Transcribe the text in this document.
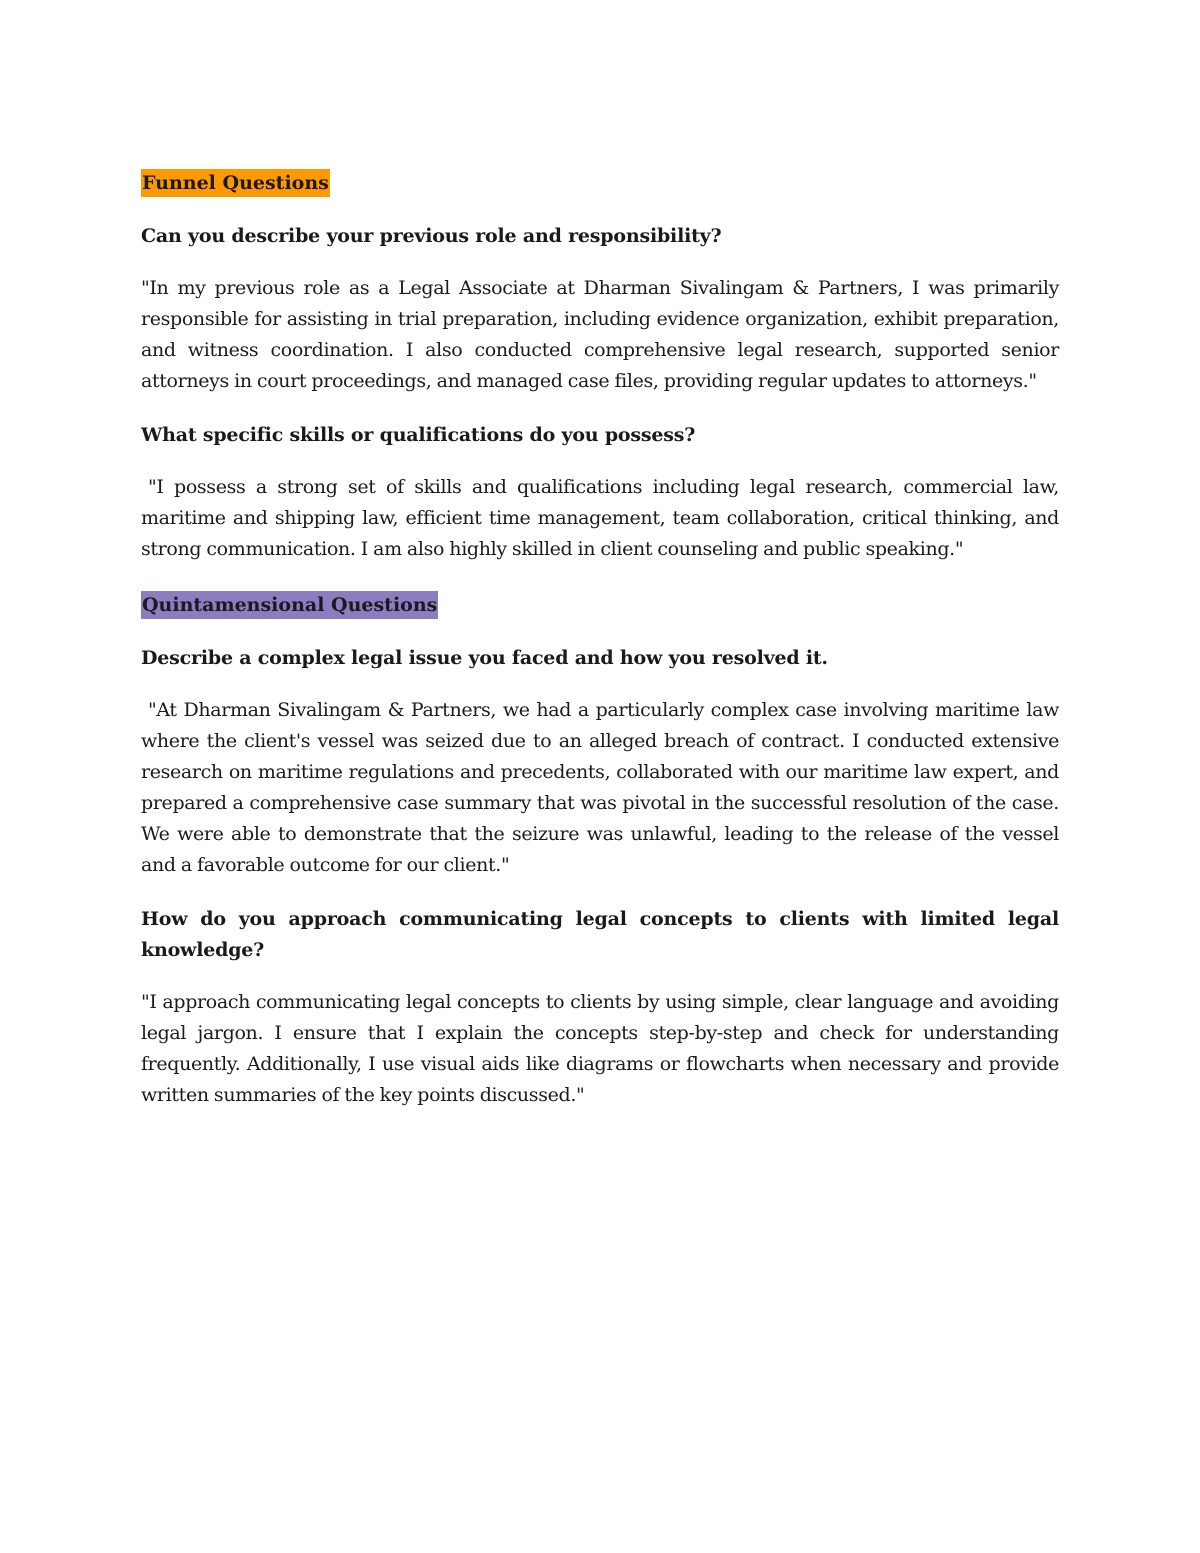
Funnel Questions

Can you describe your previous role and responsibility?

"In my previous role as a Legal Associate at Dharman Sivalingam & Partners, I was primarily responsible for assisting in trial preparation, including evidence organization, exhibit preparation, and witness coordination. I also conducted comprehensive legal research, supported senior attorneys in court proceedings, and managed case files, providing regular updates to attorneys."

What specific skills or qualifications do you possess?

"I possess a strong set of skills and qualifications including legal research, commercial law, maritime and shipping law, efficient time management, team collaboration, critical thinking, and strong communication. I am also highly skilled in client counseling and public speaking."

Quintamensional Questions

Describe a complex legal issue you faced and how you resolved it.

"At Dharman Sivalingam & Partners, we had a particularly complex case involving maritime law where the client's vessel was seized due to an alleged breach of contract. I conducted extensive research on maritime regulations and precedents, collaborated with our maritime law expert, and prepared a comprehensive case summary that was pivotal in the successful resolution of the case. We were able to demonstrate that the seizure was unlawful, leading to the release of the vessel and a favorable outcome for our client."

How do you approach communicating legal concepts to clients with limited legal knowledge?

"I approach communicating legal concepts to clients by using simple, clear language and avoiding legal jargon. I ensure that I explain the concepts step-by-step and check for understanding frequently. Additionally, I use visual aids like diagrams or flowcharts when necessary and provide written summaries of the key points discussed."
